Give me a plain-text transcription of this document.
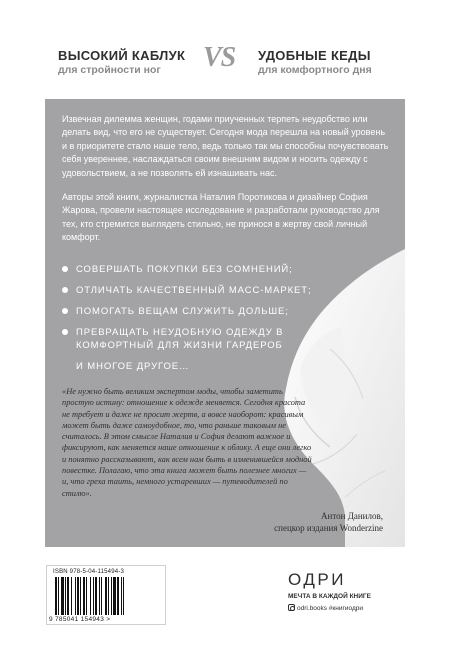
ВЫСОКИЙ КАБЛУК
для стройности ног	VS УДОБНЫЕ КЕДЫ
для комфортного дня
Извечная дилемма женщин, годами приученных терпеть неудобство или делать вид, что его не существует. Сегодня мода перешла на новый уровень и в приоритете стало наше тело, ведь только так мы способны почувствовать себя увереннее, наслаждаться своим внешним видом и носить одежду с удовольствием, а не позволять ей изнашивать нас.
Авторы этой книги, журналистка Наталия Поротикова и дизайнер София Жарова, провели настоящее исследование и разработали руководство для тех, кто стремится выглядеть стильно, не принося в жертву свой личный комфорт.
СОВЕРШАТЬ ПОКУПКИ БЕЗ СОМНЕНИЙ;
ОТЛИЧАТЬ КАЧЕСТВЕННЫЙ МАСС-МАРКЕТ;
ПОМОГАТЬ ВЕЩАМ СЛУЖИТЬ ДОЛЬШЕ;
ПРЕВРАЩАТЬ НЕУДОБНУЮ ОДЕЖДУ В КОМФОРТНЫЙ ДЛЯ ЖИЗНИ ГАРДЕРОБ
И МНОГОЕ ДРУГОЕ…
«Не нужно быть великим экспертом моды, чтобы заметить простую истину: отношение к одежде меняется. Сегодня красота не требует и даже не просит жертв, а вовсе наоборот: красивым может быть даже самоудобное, то, что раньше таковым не считалось. В этом смысле Наталия и София делают важное и фиксируют, как меняется наше отношение к облику. А еще они легко и понятно рассказывают, как всем нам быть в изменившейся модной повестке. Полагаю, что эта книга может быть полезнее многих — и, что греха таить, немного устаревших — путеводителей по стилю».
Антон Данилов,
спецкор издания Wonderzine
ISBN 978-5-04-115494-3
9 785041 154943 >
ОДРИ
МЕЧТА В КАЖДОЙ КНИГЕ
odri.books #книгиодри
